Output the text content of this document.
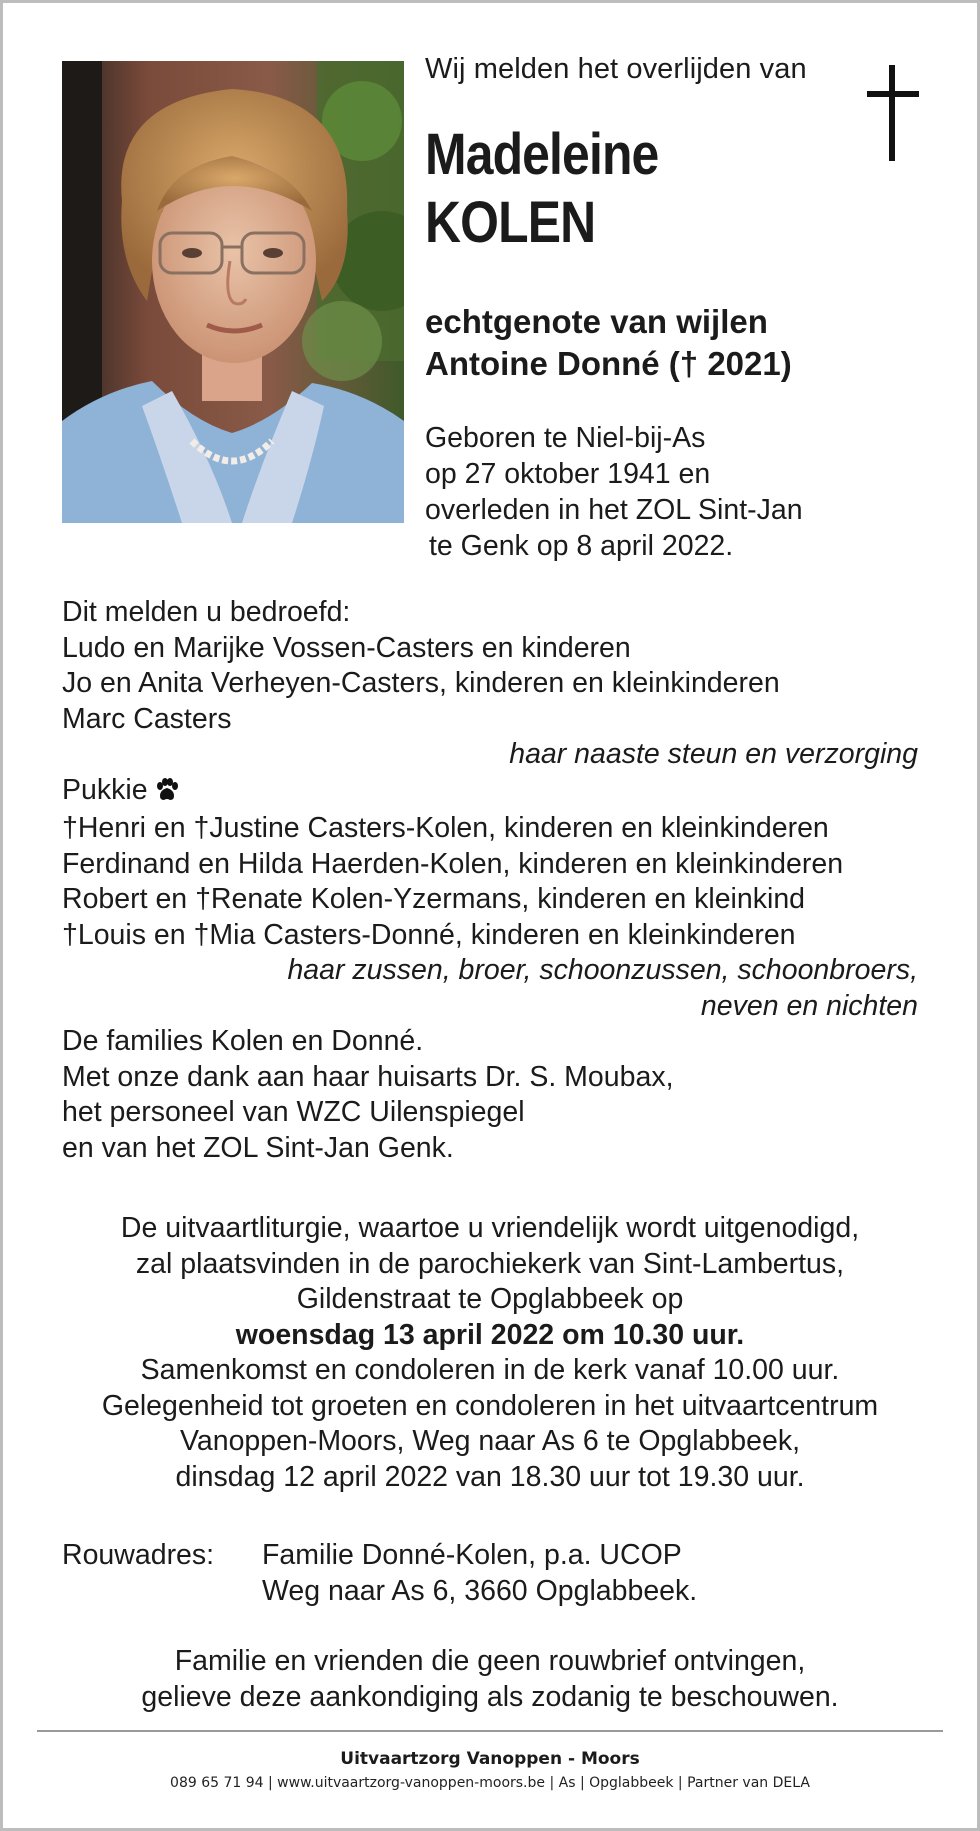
Wij melden het overlijden van
Madeleine
KOLEN
echtgenote van wijlen
Antoine Donné († 2021)
Geboren te Niel-bij-As
op 27 oktober 1941 en
overleden in het ZOL Sint-Jan
te Genk op 8 april 2022.
Dit melden u bedroefd:
Ludo en Marijke Vossen-Casters en kinderen
Jo en Anita Verheyen-Casters, kinderen en kleinkinderen
Marc Casters
haar naaste steun en verzorging
Pukkie
†Henri en †Justine Casters-Kolen, kinderen en kleinkinderen
Ferdinand en Hilda Haerden-Kolen, kinderen en kleinkinderen
Robert en †Renate Kolen-Yzermans, kinderen en kleinkind
†Louis en †Mia Casters-Donné, kinderen en kleinkinderen
haar zussen, broer, schoonzussen, schoonbroers,
neven en nichten
De families Kolen en Donné.
Met onze dank aan haar huisarts Dr. S. Moubax,
het personeel van WZC Uilenspiegel
en van het ZOL Sint-Jan Genk.
De uitvaartliturgie, waartoe u vriendelijk wordt uitgenodigd,
zal plaatsvinden in de parochiekerk van Sint-Lambertus,
Gildenstraat te Opglabbeek op
woensdag 13 april 2022 om 10.30 uur.
Samenkomst en condoleren in de kerk vanaf 10.00 uur.
Gelegenheid tot groeten en condoleren in het uitvaartcentrum
Vanoppen-Moors, Weg naar As 6 te Opglabbeek,
dinsdag 12 april 2022 van 18.30 uur tot 19.30 uur.
Rouwadres:	Familie Donné-Kolen, p.a. UCOP
Weg naar As 6, 3660 Opglabbeek.
Familie en vrienden die geen rouwbrief ontvingen,
gelieve deze aankondiging als zodanig te beschouwen.
Uitvaartzorg Vanoppen - Moors
089 65 71 94 | www.uitvaartzorg-vanoppen-moors.be | As | Opglabbeek | Partner van DELA
